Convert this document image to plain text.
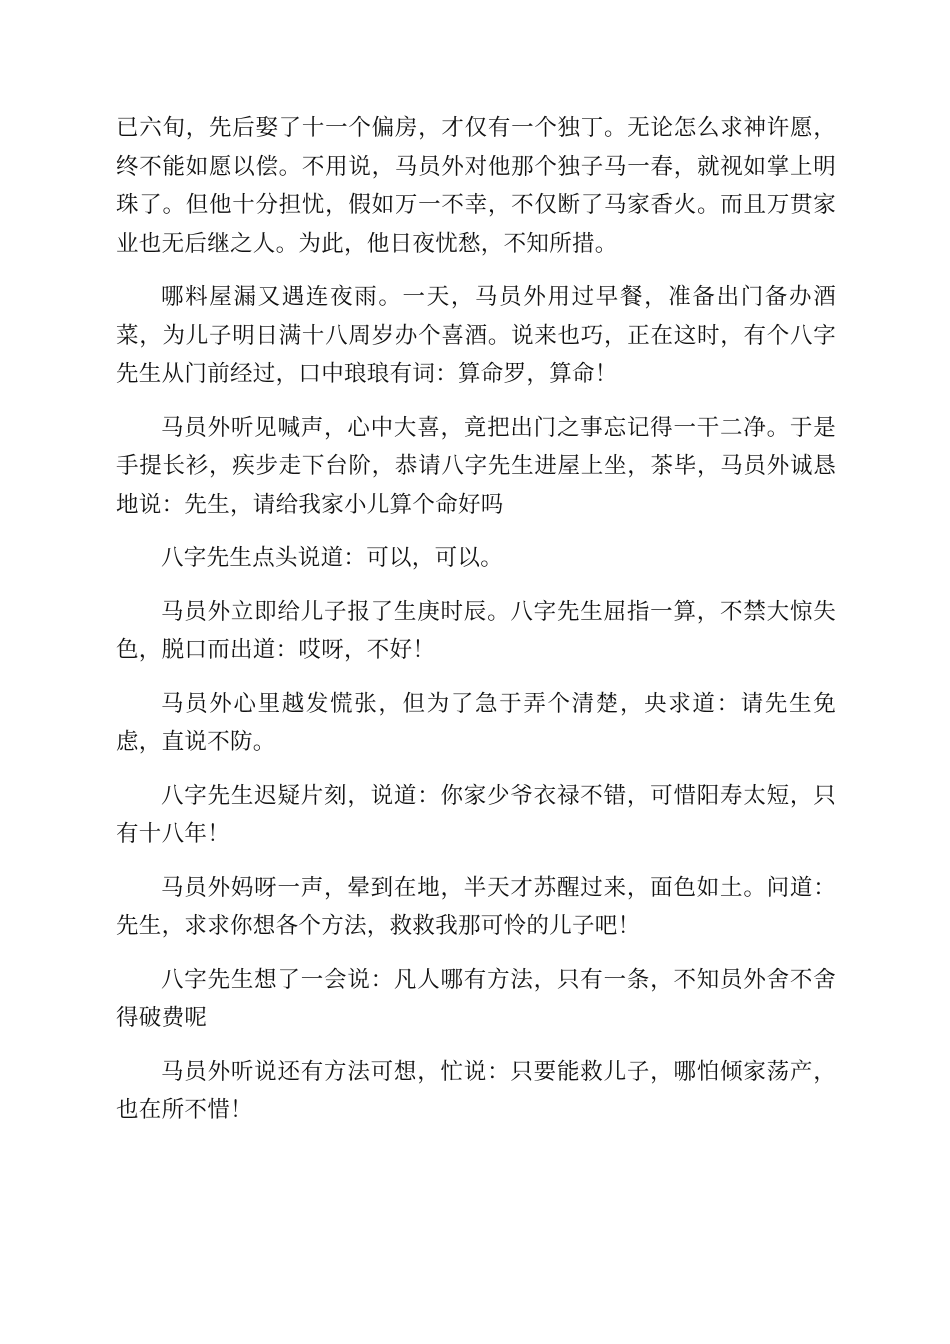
已六旬，先后娶了十一个偏房，才仅有一个独丁。无论怎么求神许愿，终不能如愿以偿。不用说，马员外对他那个独子马一春，就视如掌上明珠了。但他十分担忧，假如万一不幸，不仅断了马家香火。而且万贯家业也无后继之人。为此，他日夜忧愁，不知所措。

哪料屋漏又遇连夜雨。一天，马员外用过早餐，准备出门备办酒菜，为儿子明日满十八周岁办个喜酒。说来也巧，正在这时，有个八字先生从门前经过，口中琅琅有词：算命罗，算命！

马员外听见喊声，心中大喜，竟把出门之事忘记得一干二净。于是手提长衫，疾步走下台阶，恭请八字先生进屋上坐，茶毕，马员外诚恳地说：先生，请给我家小儿算个命好吗

八字先生点头说道：可以，可以。

马员外立即给儿子报了生庚时辰。八字先生屈指一算，不禁大惊失色，脱口而出道：哎呀，不好！

马员外心里越发慌张，但为了急于弄个清楚，央求道：请先生免虑，直说不防。

八字先生迟疑片刻，说道：你家少爷衣禄不错，可惜阳寿太短，只有十八年！

马员外妈呀一声，晕到在地，半天才苏醒过来，面色如土。问道：先生，求求你想各个方法，救救我那可怜的儿子吧！

八字先生想了一会说：凡人哪有方法，只有一条，不知员外舍不舍得破费呢

马员外听说还有方法可想，忙说：只要能救儿子，哪怕倾家荡产，也在所不惜！
